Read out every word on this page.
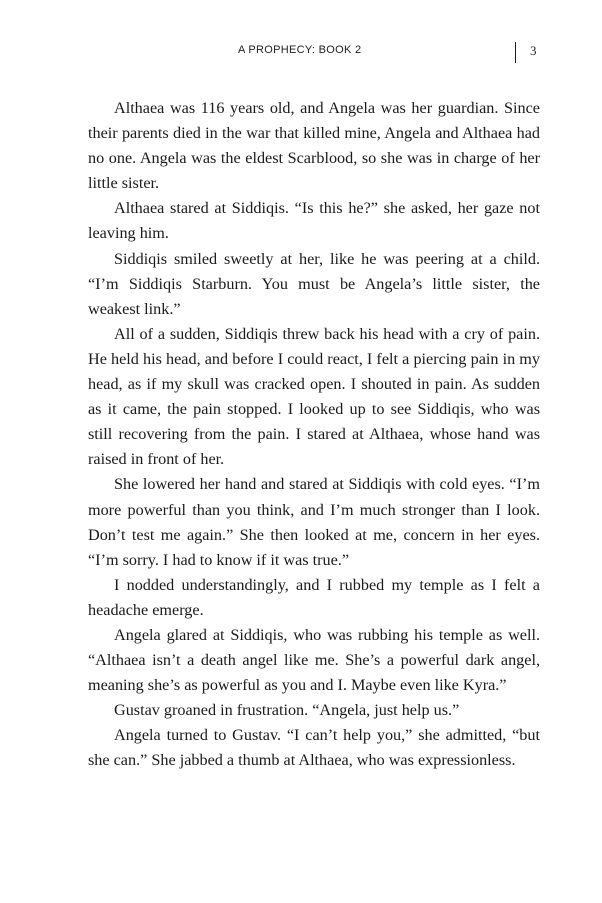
A PROPHECY: BOOK 2	3

Althaea was 116 years old, and Angela was her guardian. Since their parents died in the war that killed mine, Angela and Althaea had no one. Angela was the eldest Scarblood, so she was in charge of her little sister.

Althaea stared at Siddiqis. “Is this he?” she asked, her gaze not leaving him.

Siddiqis smiled sweetly at her, like he was peering at a child. “I’m Siddiqis Starburn. You must be Angela’s little sister, the weakest link.”

All of a sudden, Siddiqis threw back his head with a cry of pain. He held his head, and before I could react, I felt a piercing pain in my head, as if my skull was cracked open. I shouted in pain. As sudden as it came, the pain stopped. I looked up to see Siddiqis, who was still recovering from the pain. I stared at Althaea, whose hand was raised in front of her.

She lowered her hand and stared at Siddiqis with cold eyes. “I’m more powerful than you think, and I’m much stronger than I look. Don’t test me again.” She then looked at me, concern in her eyes. “I’m sorry. I had to know if it was true.”

I nodded understandingly, and I rubbed my temple as I felt a headache emerge.

Angela glared at Siddiqis, who was rubbing his temple as well. “Althaea isn’t a death angel like me. She’s a powerful dark angel, meaning she’s as powerful as you and I. Maybe even like Kyra.”

Gustav groaned in frustration. “Angela, just help us.”

Angela turned to Gustav. “I can’t help you,” she admitted, “but she can.” She jabbed a thumb at Althaea, who was expressionless.
